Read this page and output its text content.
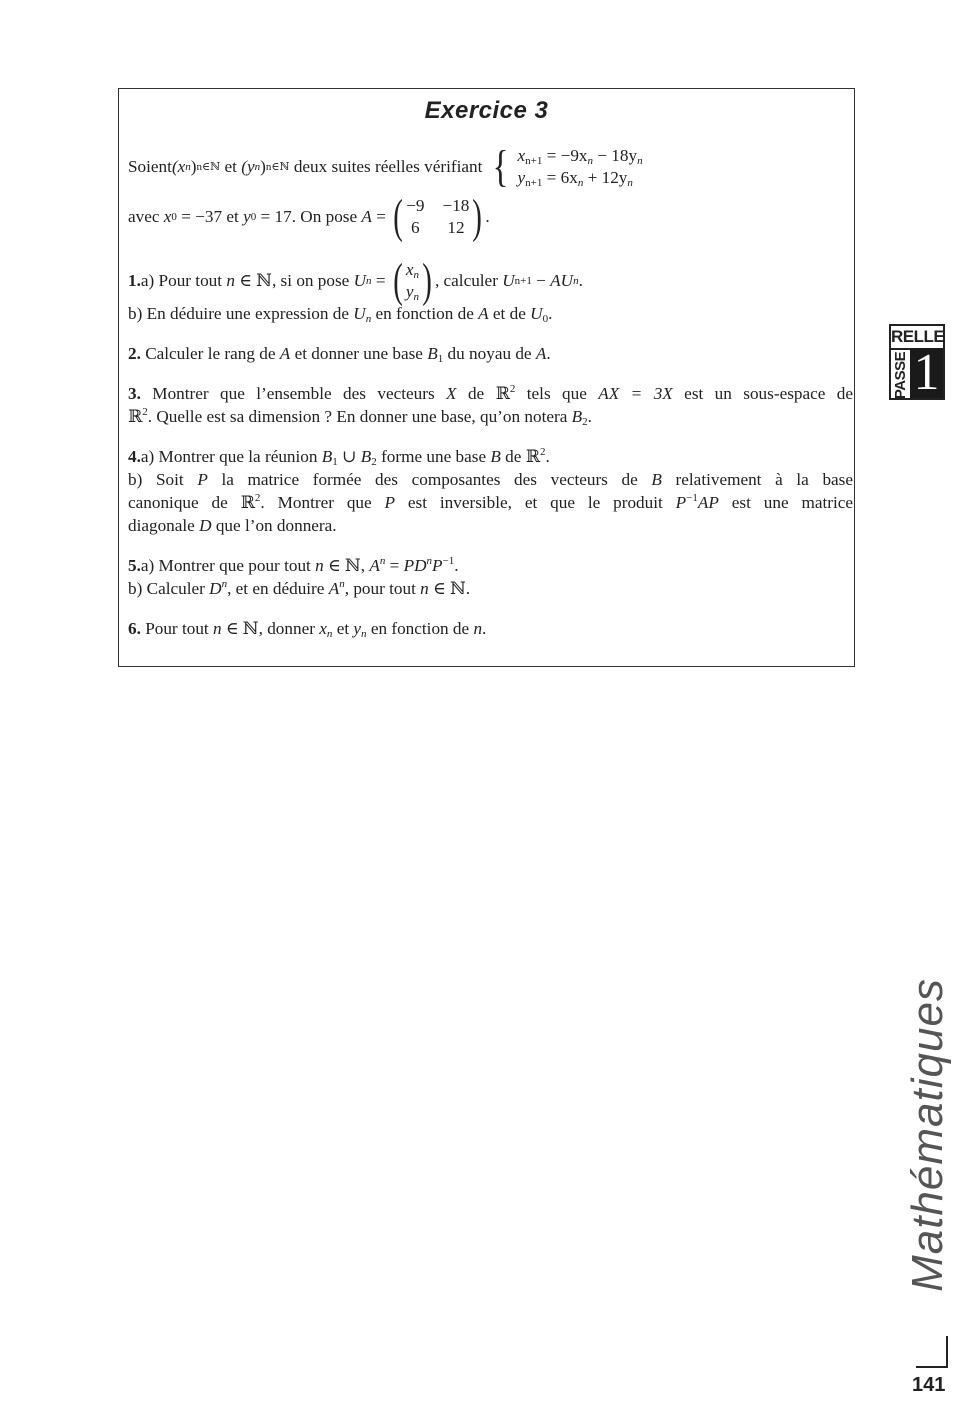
Exercice 3
Soient (x n ) n∈ℕ et (y n ) n∈ℕ
deux suites réelles vérifiant { $x_{n+1} = -9x_n - 18y_n$
$y_{n+1} = 6x_n + 12y_n$
avec x 0 = −37 et y 0 = 17. On pose A = ( −9 −18
6 12 ) .
1. a) Pour tout n ∈ ℕ, si on pose U n = ( $x_n$
$y_n$ ) , calculer U n+1 − AU n .
b) En déduire une expression de $U_n$ en fonction de A et de $U_0$.
2. Calculer le rang de A et donner une base $B_1$ du noyau de A.
3. Montrer que l’ensemble des vecteurs X de ℝ$^2$ tels que AX = 3X est un sous-espace de
ℝ$^2$. Quelle est sa dimension ? En donner une base, qu’on notera $B_2$.
4.a) Montrer que la réunion $B_1$ ∪ $B_2$ forme une base B de ℝ$^2$.
b) Soit P la matrice formée des composantes des vecteurs de B relativement à la base
canonique de ℝ$^2$. Montrer que P est inversible, et que le produit $P^{-1}AP$ est une matrice
diagonale D que l’on donnera.
5.a) Montrer que pour tout n ∈ ℕ, $A^n = PD^nP^{-1}$.
b) Calculer $D^n$, et en déduire $A^n$, pour tout n ∈ ℕ.
6. Pour tout n ∈ ℕ, donner $x_n$ et $y_n$ en fonction de n.
RELLE
PASSE 1
Mathématiques
141
